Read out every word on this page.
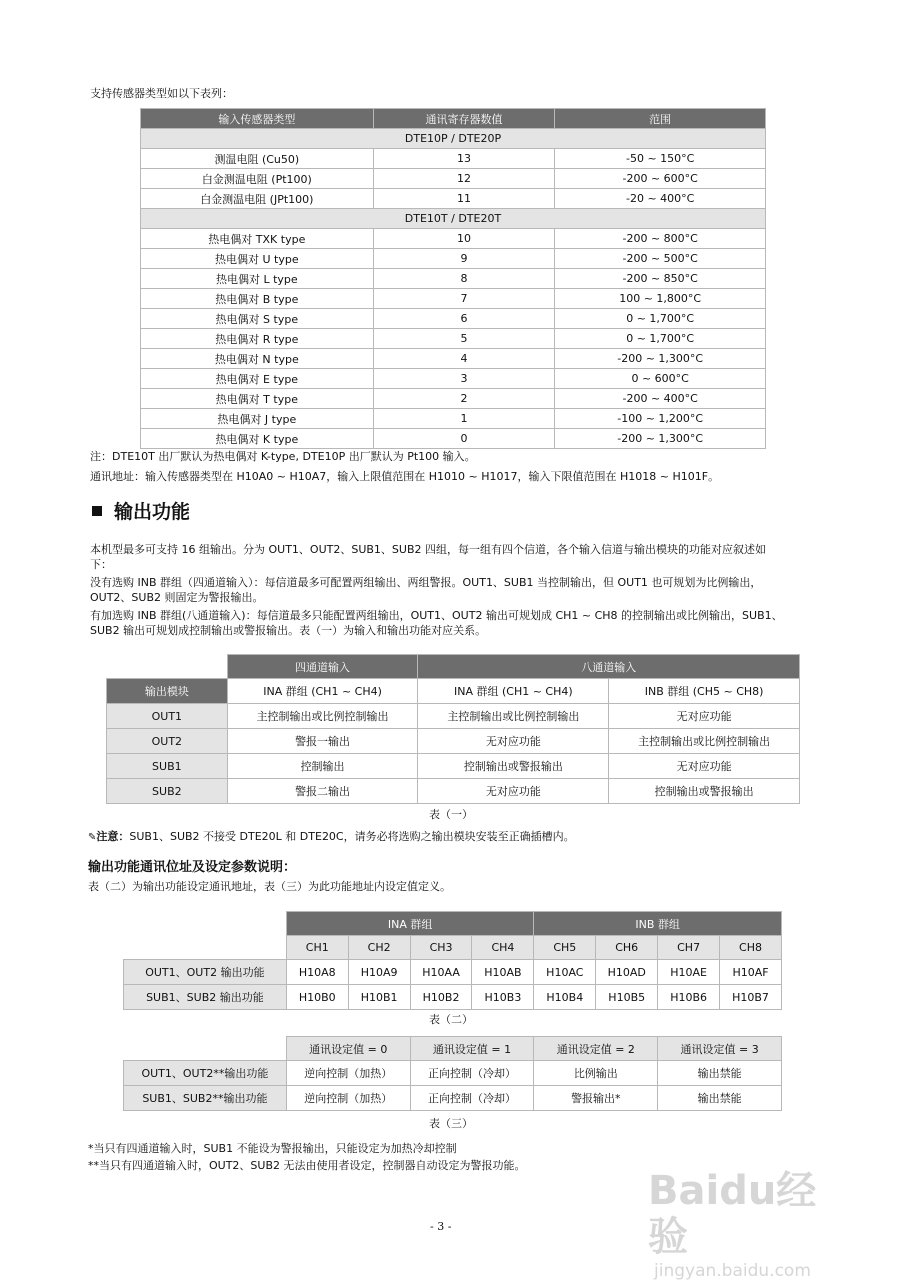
支持传感器类型如以下表列：
输入传感器类型	通讯寄存器数值	范围
DTE10P / DTE20P		
测温电阻 (Cu50)	13	-50 ~ 150°C
白金测温电阻 (Pt100)	12	-200 ~ 600°C
白金测温电阻 (JPt100)	11	-20 ~ 400°C
DTE10T / DTE20T		
热电偶对 TXK type	10	-200 ~ 800°C
热电偶对 U type	9	-200 ~ 500°C
热电偶对 L type	8	-200 ~ 850°C
热电偶对 B type	7	100 ~ 1,800°C
热电偶对 S type	6	0 ~ 1,700°C
热电偶对 R type	5	0 ~ 1,700°C
热电偶对 N type	4	-200 ~ 1,300°C
热电偶对 E type	3	0 ~ 600°C
热电偶对 T type	2	-200 ~ 400°C
热电偶对 J type	1	-100 ~ 1,200°C
热电偶对 K type	0	-200 ~ 1,300°C
注：DTE10T 出厂默认为热电偶对 K-type, DTE10P 出厂默认为 Pt100 输入。
通讯地址：输入传感器类型在 H10A0 ~ H10A7，输入上限值范围在 H1010 ~ H1017，输入下限值范围在 H1018 ~ H101F。
输出功能
本机型最多可支持 16 组输出。分为 OUT1、OUT2、SUB1、SUB2 四组，每一组有四个信道，各个输入信道与输出模块的功能对应叙述如
下：
没有选购 INB 群组（四通道输入）：每信道最多可配置两组输出、两组警报。OUT1、SUB1 当控制输出，但 OUT1 也可规划为比例输出，
OUT2、SUB2 则固定为警报输出。
有加选购 INB 群组(八通道输入)：每信道最多只能配置两组输出，OUT1、OUT2 输出可规划成 CH1 ~ CH8 的控制输出或比例输出，SUB1、
SUB2 输出可规划成控制输出或警报输出。表（一）为输入和输出功能对应关系。
	四通道输入	八通道输入	
输出模块	INA 群组 (CH1 ~ CH4)	INA 群组 (CH1 ~ CH4)	INB 群组 (CH5 ~ CH8)
OUT1	主控制输出或比例控制输出	主控制输出或比例控制输出	无对应功能
OUT2	警报一输出	无对应功能	主控制输出或比例控制输出
SUB1	控制输出	控制输出或警报输出	无对应功能
SUB2	警报二输出	无对应功能	控制输出或警报输出
表（一）
✎注意：SUB1、SUB2 不接受 DTE20L 和 DTE20C，请务必将选购之输出模块安装至正确插槽内。
输出功能通讯位址及设定参数说明：
表（二）为输出功能设定通讯地址，表（三）为此功能地址内设定值定义。
	INA 群组				INB 群组			
	CH1	CH2	CH3	CH4	CH5	CH6	CH7	CH8
OUT1、OUT2 输出功能	H10A8	H10A9	H10AA	H10AB	H10AC	H10AD	H10AE	H10AF
SUB1、SUB2 输出功能	H10B0	H10B1	H10B2	H10B3	H10B4	H10B5	H10B6	H10B7
表（二）
	通讯设定值 = 0	通讯设定值 = 1	通讯设定值 = 2	通讯设定值 = 3
OUT1、OUT2**输出功能	逆向控制（加热）	正向控制（冷却）	比例输出	输出禁能
SUB1、SUB2**输出功能	逆向控制（加热）	正向控制（冷却）	警报输出*	输出禁能
表（三）
*当只有四通道输入时，SUB1 不能设为警报输出，只能设定为加热冷却控制
**当只有四通道输入时，OUT2、SUB2 无法由使用者设定，控制器自动设定为警报功能。
- 3 -
Baidu经验
jingyan.baidu.com
